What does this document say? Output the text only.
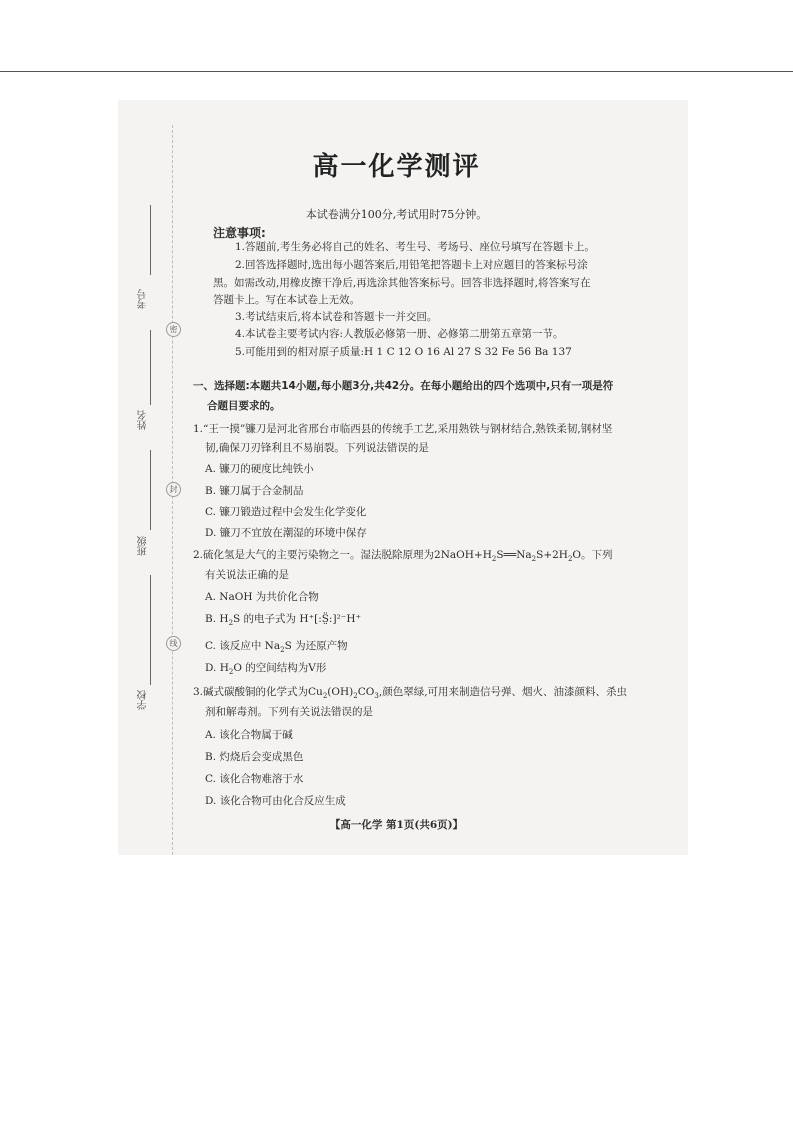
考号
姓名
班级
学校
密
封
线
高一化学测评
本试卷满分100分,考试用时75分钟。
注意事项:
1.答题前,考生务必将自己的姓名、考生号、考场号、座位号填写在答题卡上。
2.回答选择题时,选出每小题答案后,用铅笔把答题卡上对应题目的答案标号涂
黑。如需改动,用橡皮擦干净后,再选涂其他答案标号。回答非选择题时,将答案写在
答题卡上。写在本试卷上无效。
3.考试结束后,将本试卷和答题卡一并交回。
4.本试卷主要考试内容:人教版必修第一册、必修第二册第五章第一节。
5.可能用到的相对原子质量:H 1 C 12 O 16 Al 27 S 32 Fe 56 Ba 137
一、选择题:本题共14小题,每小题3分,共42分。在每小题给出的四个选项中,只有一项是符
合题目要求的。
1.“王一摸”镰刀是河北省邢台市临西县的传统手工艺,采用熟铁与钢材结合,熟铁柔韧,钢材坚
韧,确保刀刃锋利且不易崩裂。下列说法错误的是
A. 镰刀的硬度比纯铁小
B. 镰刀属于合金制品
C. 镰刀锻造过程中会发生化学变化
D. 镰刀不宜放在潮湿的环境中保存
2.硫化氢是大气的主要污染物之一。湿法脱除原理为$2NaOH+H_2S══Na_2S+2H_2O$。下列
有关说法正确的是
A. NaOH 为共价化合物
B. $H_2S$ 的电子式为 H⁺[:S̤̈:]²⁻H⁺
C. 该反应中 $Na_2S$ 为还原产物
D. $H_2O$ 的空间结构为V形
3.碱式碳酸铜的化学式为$Cu_2(OH)_2CO_3$,颜色翠绿,可用来制造信号弹、烟火、油漆颜料、杀虫
剂和解毒剂。下列有关说法错误的是
A. 该化合物属于碱
B. 灼烧后会变成黑色
C. 该化合物难溶于水
D. 该化合物可由化合反应生成
【高一化学 第1页(共6页)】
